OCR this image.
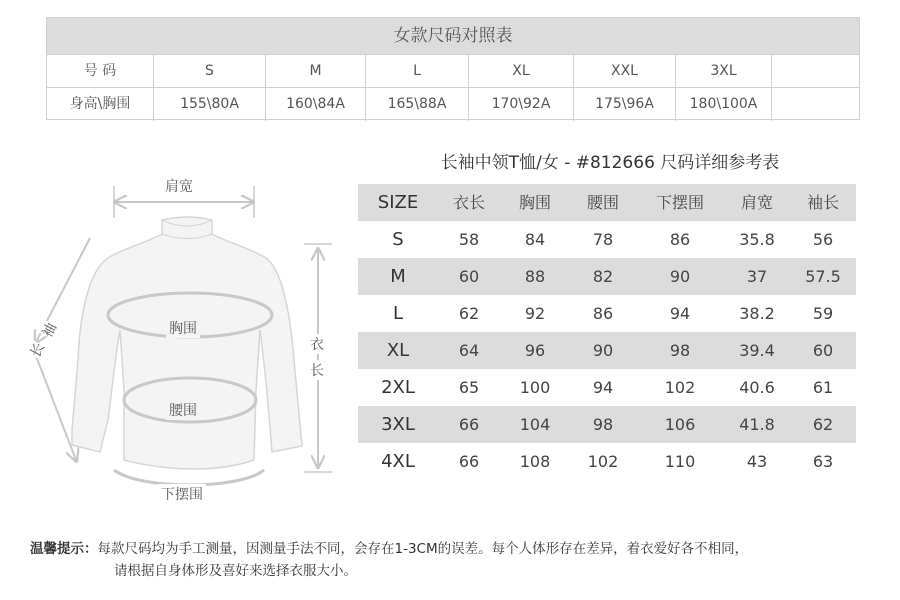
女款尺码对照表
号 码	S	M	L	XL	XXL	3XL
身高\胸围	155\80A	160\84A	165\88A	170\92A	175\96A	180\100A
肩宽
胸围
腰围
下摆围
衣
长
袖
长
长袖中领T恤/女 - #812666 尺码详细参考表
SIZE	衣长	胸围	腰围	下摆围	肩宽	袖长
S	58	84	78	86	35.8	56
M	60	88	82	90	37	57.5
L	62	92	86	94	38.2	59
XL	64	96	90	98	39.4	60
2XL	65	100	94	102	40.6	61
3XL	66	104	98	106	41.8	62
4XL	66	108	102	110	43	63
温馨提示：每款尺码均为手工测量，因测量手法不同，会存在1-3CM的误差。每个人体形存在差异，着衣爱好各不相同，
请根据自身体形及喜好来选择衣服大小。
